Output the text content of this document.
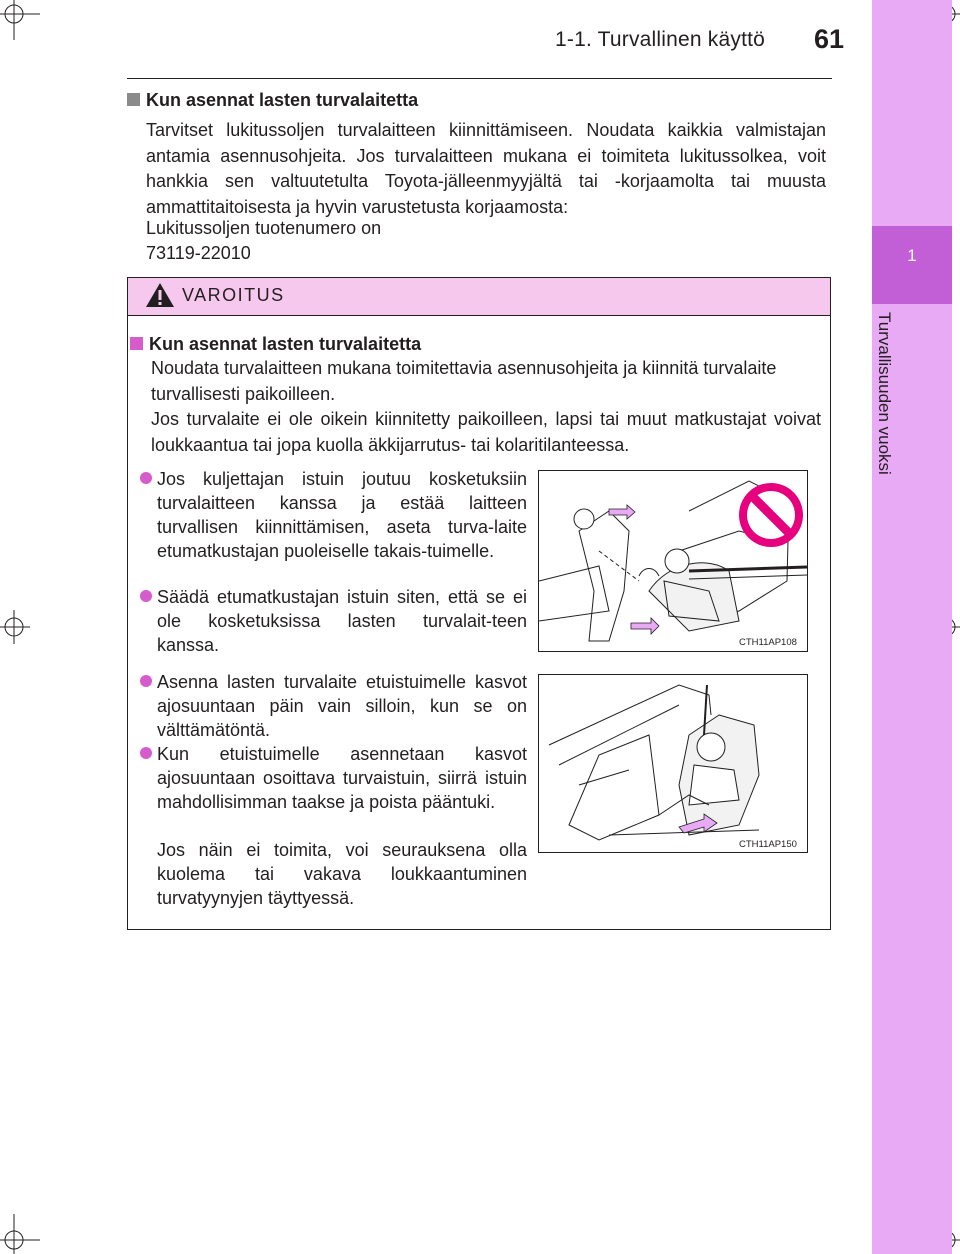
1
Turvallisuuden vuoksi
1-1. Turvallinen käyttö 61
Kun asennat lasten turvalaitetta
Tarvitset lukitussoljen turvalaitteen kiinnittämiseen. Noudata kaikkia valmistajan antamia asennusohjeita. Jos turvalaitteen mukana ei toimiteta lukitussolkea, voit hankkia sen valtuutetulta Toyota-jälleenmyyjältä tai -korjaamolta tai muusta ammattitaitoisesta ja hyvin varustetusta korjaamosta:
Lukitussoljen tuotenumero on
73119-22010
VAROITUS
Kun asennat lasten turvalaitetta
Noudata turvalaitteen mukana toimitettavia asennusohjeita ja kiinnitä turvalaite turvallisesti paikoilleen.
Jos turvalaite ei ole oikein kiinnitetty paikoilleen, lapsi tai muut matkustajat voivat loukkaantua tai jopa kuolla äkkijarrutus- tai kolaritilanteessa.
Jos kuljettajan istuin joutuu kosketuksiin turvalaitteen kanssa ja estää laitteen turvallisen kiinnittämisen, aseta turva-laite etumatkustajan puoleiselle takais-tuimelle.
Säädä etumatkustajan istuin siten, että se ei ole kosketuksissa lasten turvalait-teen kanssa.
Asenna lasten turvalaite etuistuimelle kasvot ajosuuntaan päin vain silloin, kun se on välttämätöntä.
Kun etuistuimelle asennetaan kasvot ajosuuntaan osoittava turvaistuin, siirrä istuin mahdollisimman taakse ja poista pääntuki.
Jos näin ei toimita, voi seurauksena olla kuolema tai vakava loukkaantuminen turvatyynyjen täyttyessä.
CTH11AP108
CTH11AP150
